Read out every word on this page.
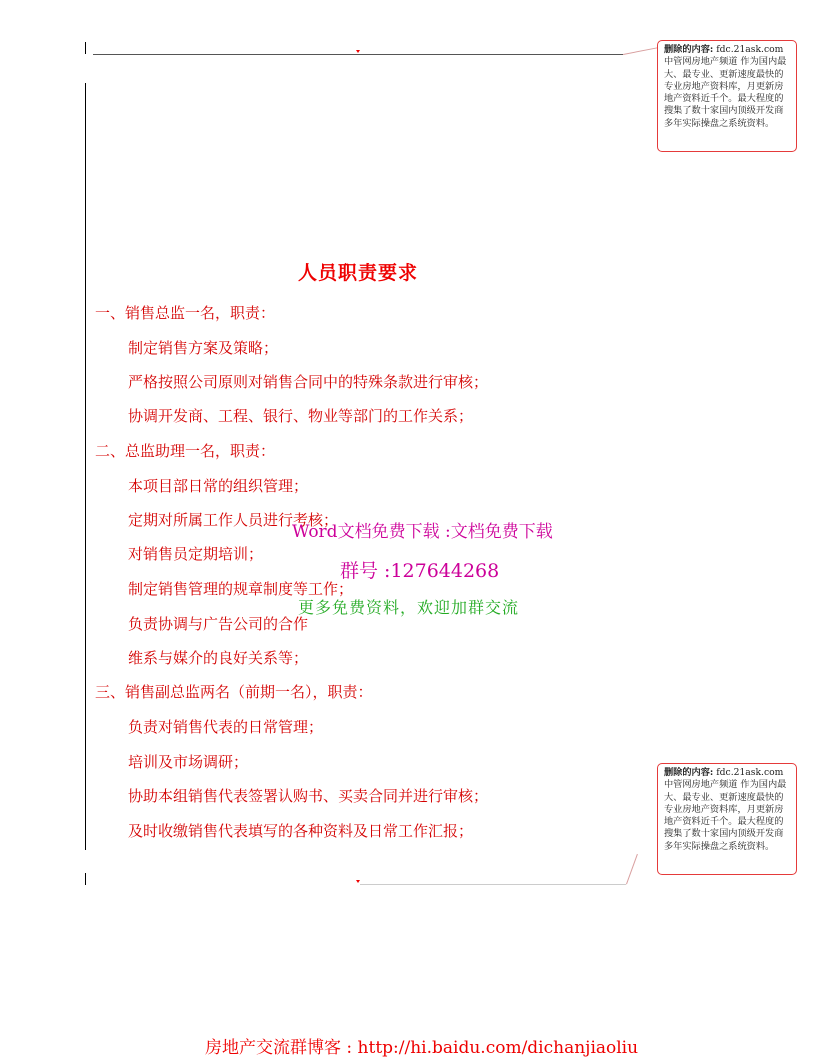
删除的内容: fdc.21ask.com
中管网房地产频道 作为国内最大、最专业、更新速度最快的专业房地产资料库，月更新房地产资料近千个。最大程度的搜集了数十家国内顶级开发商多年实际操盘之系统资料。
删除的内容: fdc.21ask.com
中管网房地产频道 作为国内最大、最专业、更新速度最快的专业房地产资料库，月更新房地产资料近千个。最大程度的搜集了数十家国内顶级开发商多年实际操盘之系统资料。
人员职责要求
一、销售总监一名，职责：
制定销售方案及策略；
严格按照公司原则对销售合同中的特殊条款进行审核；
协调开发商、工程、银行、物业等部门的工作关系；
二、总监助理一名，职责：
本项目部日常的组织管理；
定期对所属工作人员进行考核；
对销售员定期培训；
制定销售管理的规章制度等工作；
负责协调与广告公司的合作
维系与媒介的良好关系等；
三、销售副总监两名（前期一名），职责：
负责对销售代表的日常管理；
培训及市场调研；
协助本组销售代表签署认购书、买卖合同并进行审核；
及时收缴销售代表填写的各种资料及日常工作汇报；
Word文档免费下载 :文档免费下载
群号 :127644268
更多免费资料，欢迎加群交流
房地产交流群博客 : http://hi.baidu.com/dichanjiaoliu
